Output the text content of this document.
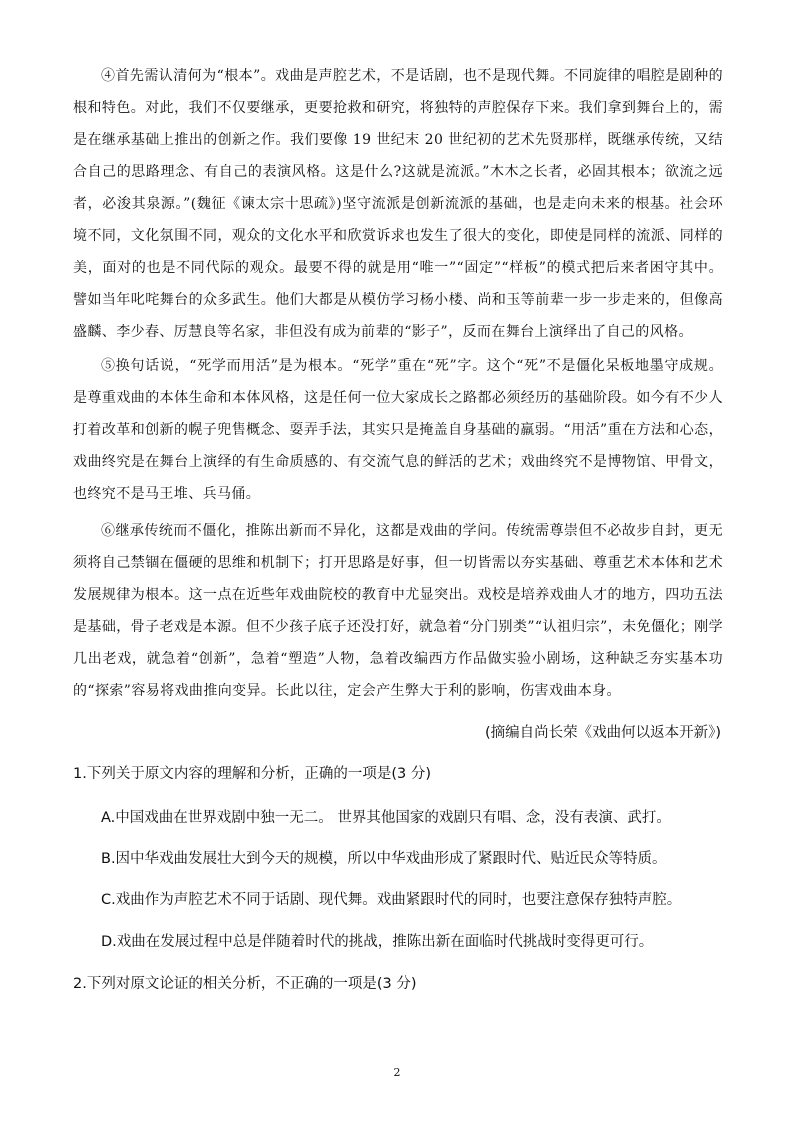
④首先需认清何为“根本”。戏曲是声腔艺术，不是话剧，也不是现代舞。不同旋律的唱腔是剧种的根和特色。对此，我们不仅要继承，更要抢救和研究，将独特的声腔保存下来。我们拿到舞台上的，需是在继承基础上推出的创新之作。我们要像 19 世纪末 20 世纪初的艺术先贤那样，既继承传统，又结合自己的思路理念、有自己的表演风格。这是什么?这就是流派。”木木之长者，必固其根本；欲流之远者，必浚其泉源。”(魏征《谏太宗十思疏》)坚守流派是创新流派的基础，也是走向未来的根基。社会环境不同，文化氛围不同，观众的文化水平和欣赏诉求也发生了很大的变化，即使是同样的流派、同样的美，面对的也是不同代际的观众。最要不得的就是用“唯一”“固定”“样板”的模式把后来者困守其中。譬如当年叱咤舞台的众多武生。他们大都是从模仿学习杨小楼、尚和玉等前辈一步一步走来的，但像高盛麟、李少春、厉慧良等名家，非但没有成为前辈的“影子”，反而在舞台上演绎出了自己的风格。

⑤换句话说，“死学而用活”是为根本。“死学”重在“死”字。这个“死”不是僵化呆板地墨守成规。是尊重戏曲的本体生命和本体风格，这是任何一位大家成长之路都必须经历的基础阶段。如今有不少人打着改革和创新的幌子兜售概念、耍弄手法，其实只是掩盖自身基础的羸弱。“用活”重在方法和心态，戏曲终究是在舞台上演绎的有生命质感的、有交流气息的鲜活的艺术；戏曲终究不是博物馆、甲骨文，也终究不是马王堆、兵马俑。

⑥继承传统而不僵化，推陈出新而不异化，这都是戏曲的学问。传统需尊崇但不必故步自封，更无须将自己禁锢在僵硬的思维和机制下；打开思路是好事，但一切皆需以夯实基础、尊重艺术本体和艺术发展规律为根本。这一点在近些年戏曲院校的教育中尤显突出。戏校是培养戏曲人才的地方，四功五法是基础，骨子老戏是本源。但不少孩子底子还没打好，就急着“分门别类”“认祖归宗”，未免僵化；刚学几出老戏，就急着“创新”，急着“塑造”人物，急着改编西方作品做实验小剧场，这种缺乏夯实基本功的“探索”容易将戏曲推向变异。长此以往，定会产生弊大于利的影响，伤害戏曲本身。

(摘编自尚长荣《戏曲何以返本开新》)

1.下列关于原文内容的理解和分析，正确的一项是(3 分)

A.中国戏曲在世界戏剧中独一无二。 世界其他国家的戏剧只有唱、念，没有表演、武打。

B.因中华戏曲发展壮大到今天的规模，所以中华戏曲形成了紧跟时代、贴近民众等特质。

C.戏曲作为声腔艺术不同于话剧、现代舞。戏曲紧跟时代的同时，也要注意保存独特声腔。

D.戏曲在发展过程中总是伴随着时代的挑战，推陈出新在面临时代挑战时变得更可行。

2.下列对原文论证的相关分析，不正确的一项是(3 分)

2
